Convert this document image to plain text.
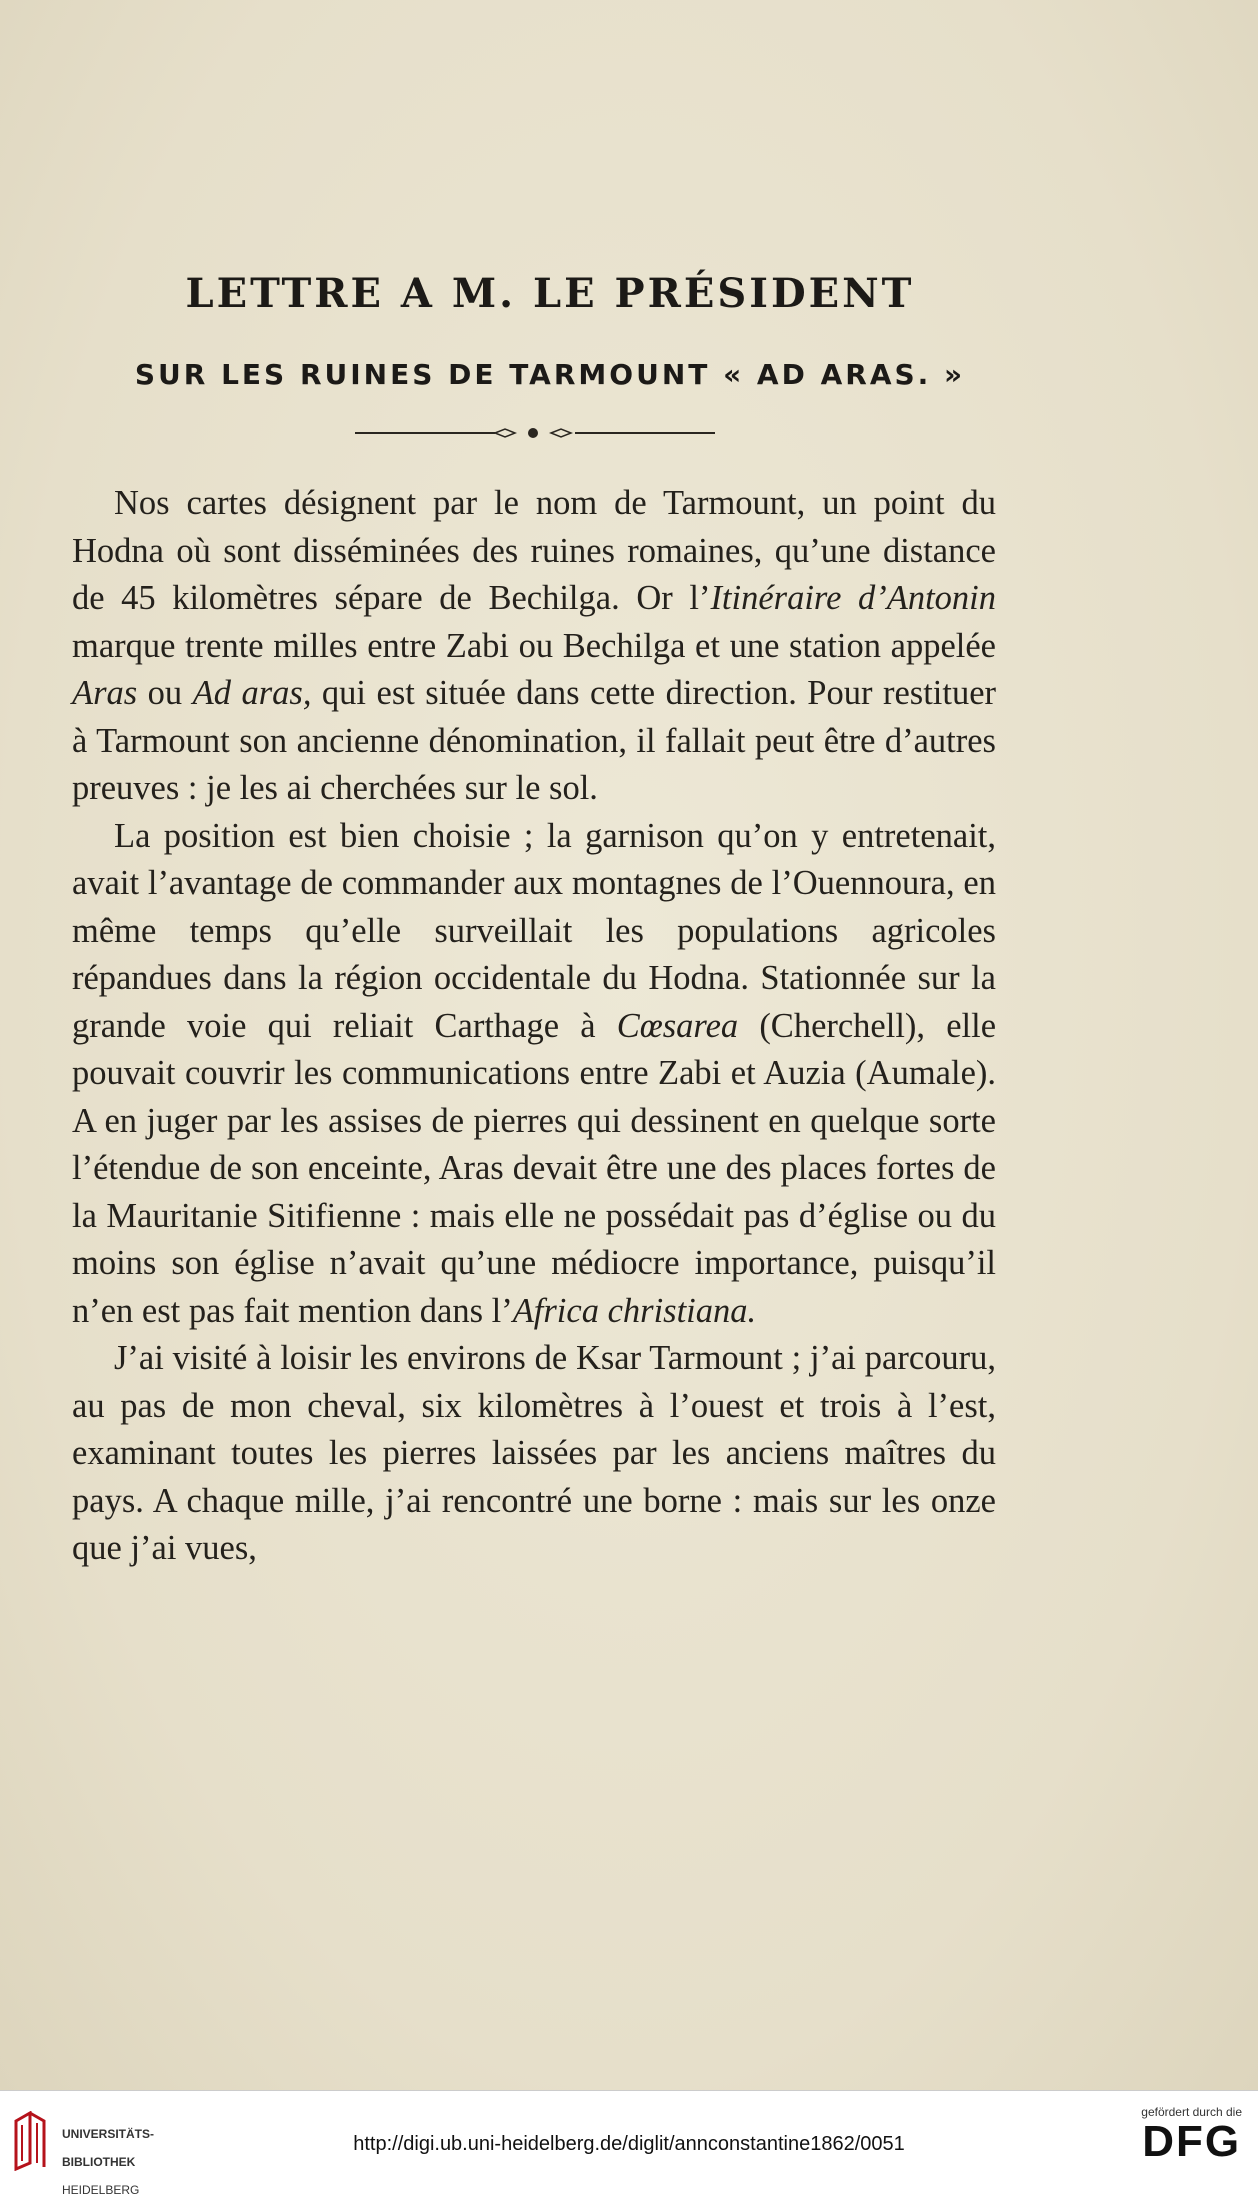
LETTRE A M. LE PRÉSIDENT
SUR LES RUINES DE TARMOUNT « AD ARAS. »

Nos cartes désignent par le nom de Tarmount, un point du Hodna où sont disséminées des ruines romaines, qu’une distance de 45 kilomètres sépare de Bechilga. Or l’Itinéraire d’Antonin marque trente milles entre Zabi ou Bechilga et une station appelée Aras ou Ad aras, qui est située dans cette direction. Pour restituer à Tarmount son ancienne dénomination, il fallait peut être d’autres preuves : je les ai cherchées sur le sol.

La position est bien choisie ; la garnison qu’on y entretenait, avait l’avantage de commander aux montagnes de l’Ouennoura, en même temps qu’elle surveillait les populations agricoles répandues dans la région occidentale du Hodna. Stationnée sur la grande voie qui reliait Carthage à Cœsarea (Cherchell), elle pouvait couvrir les communications entre Zabi et Auzia (Aumale). A en juger par les assises de pierres qui dessinent en quelque sorte l’étendue de son enceinte, Aras devait être une des places fortes de la Mauritanie Sitifienne : mais elle ne possédait pas d’église ou du moins son église n’avait qu’une médiocre importance, puisqu’il n’en est pas fait mention dans l’Africa christiana.

J’ai visité à loisir les environs de Ksar Tarmount ; j’ai parcouru, au pas de mon cheval, six kilomètres à l’ouest et trois à l’est, examinant toutes les pierres laissées par les anciens maîtres du pays. A chaque mille, j’ai rencontré une borne : mais sur les onze que j’ai vues,

UNIVERSITÄTS-

BIBLIOTHEK

HEIDELBERG

http://digi.ub.uni-heidelberg.de/diglit/annconstantine1862/0051
gefördert durch die
DFG
